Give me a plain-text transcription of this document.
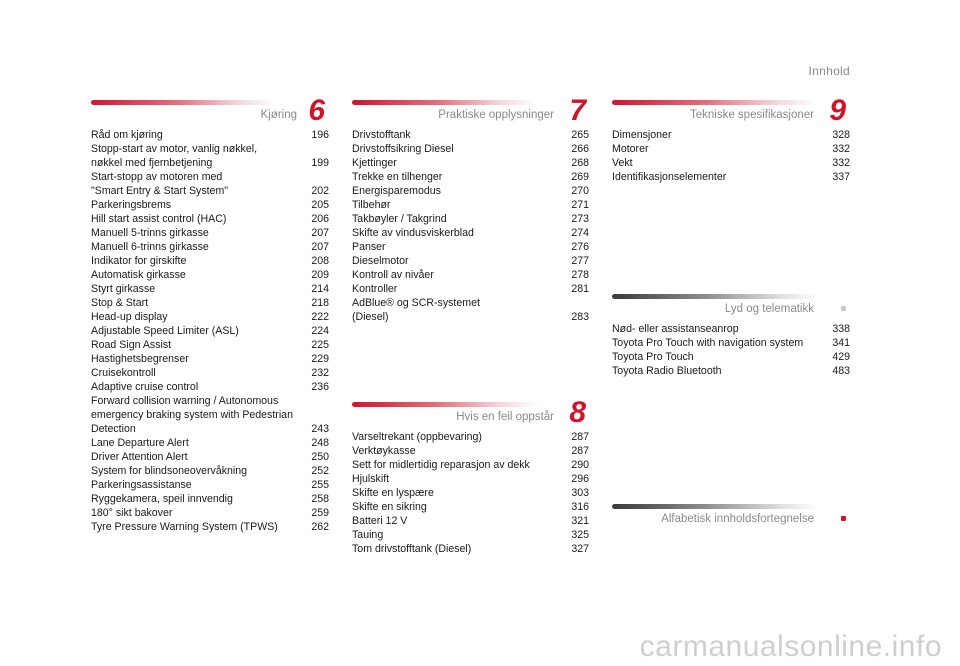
Innhold
Kjøring 6
Råd om kjøring	196
Stopp-start av motor, vanlig nøkkel,
nøkkel med fjernbetjening	199
Start-stopp av motoren med
"Smart Entry & Start System"	202
Parkeringsbrems	205
Hill start assist control (HAC)	206
Manuell 5-trinns girkasse	207
Manuell 6-trinns girkasse	207
Indikator for girskifte	208
Automatisk girkasse	209
Styrt girkasse	214
Stop & Start	218
Head-up display	222
Adjustable Speed Limiter (ASL)	224
Road Sign Assist	225
Hastighetsbegrenser	229
Cruisekontroll	232
Adaptive cruise control	236
Forward collision warning / Autonomous
emergency braking system with Pedestrian
Detection	243
Lane Departure Alert	248
Driver Attention Alert	250
System for blindsoneovervåkning	252
Parkeringsassistanse	255
Ryggekamera, speil innvendig	258
180° sikt bakover	259
Tyre Pressure Warning System (TPWS)	262
Praktiske opplysninger 7
Drivstofftank	265
Drivstoffsikring Diesel	266
Kjettinger	268
Trekke en tilhenger	269
Energisparemodus	270
Tilbehør	271
Takbøyler / Takgrind	273
Skifte av vindusviskerblad	274
Panser	276
Dieselmotor	277
Kontroll av nivåer	278
Kontroller	281
AdBlue® og SCR-systemet
(Diesel)	283
Hvis en feil oppstår 8
Varseltrekant (oppbevaring)	287
Verktøykasse	287
Sett for midlertidig reparasjon av dekk	290
Hjulskift	296
Skifte en lyspære	303
Skifte en sikring	316
Batteri 12 V	321
Tauing	325
Tom drivstofftank (Diesel)	327
Tekniske spesifikasjoner 9
Dimensjoner	328
Motorer	332
Vekt	332
Identifikasjonselementer	337
Lyd og telematikk
Nød- eller assistanseanrop	338
Toyota Pro Touch with navigation system	341
Toyota Pro Touch	429
Toyota Radio Bluetooth	483
Alfabetisk innholdsfortegnelse
carmanualsonline.info
